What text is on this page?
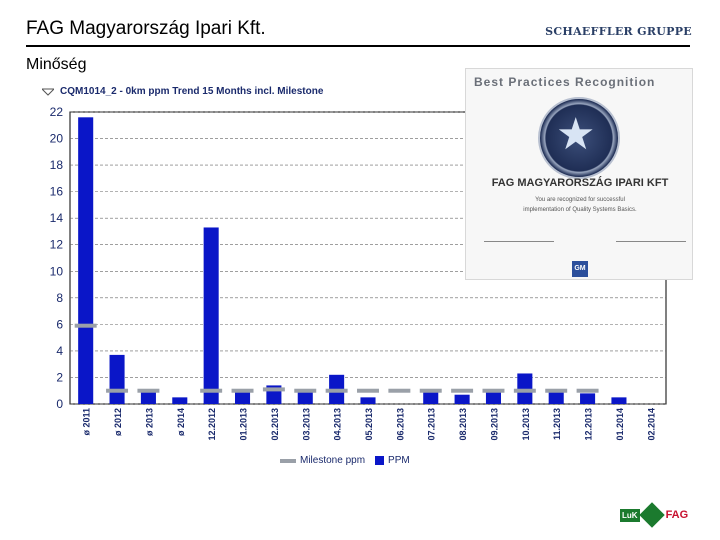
FAG Magyarország Ipari Kft.	SCHAEFFLER GRUPPE
Minőség
CQM1014_2 - 0km ppm Trend 15 Months incl. Milestone
0
2
4
6
8
10
12
14
16
18
20
22
ø 2011 ø 2012 ø 2013 ø 2014 12.2012 01.2013 02.2013 03.2013 04.2013 05.2013 06.2013 07.2013 08.2013 09.2013 10.2013 11.2013 12.2013 01.2014 02.2014
Milestone ppm PPM
Best Practices Recognition
★
FAG MAGYARORSZÁG IPARI KFT
You are recognized for successful
implementation of Quality Systems Basics.
GM
LuK	FAG
